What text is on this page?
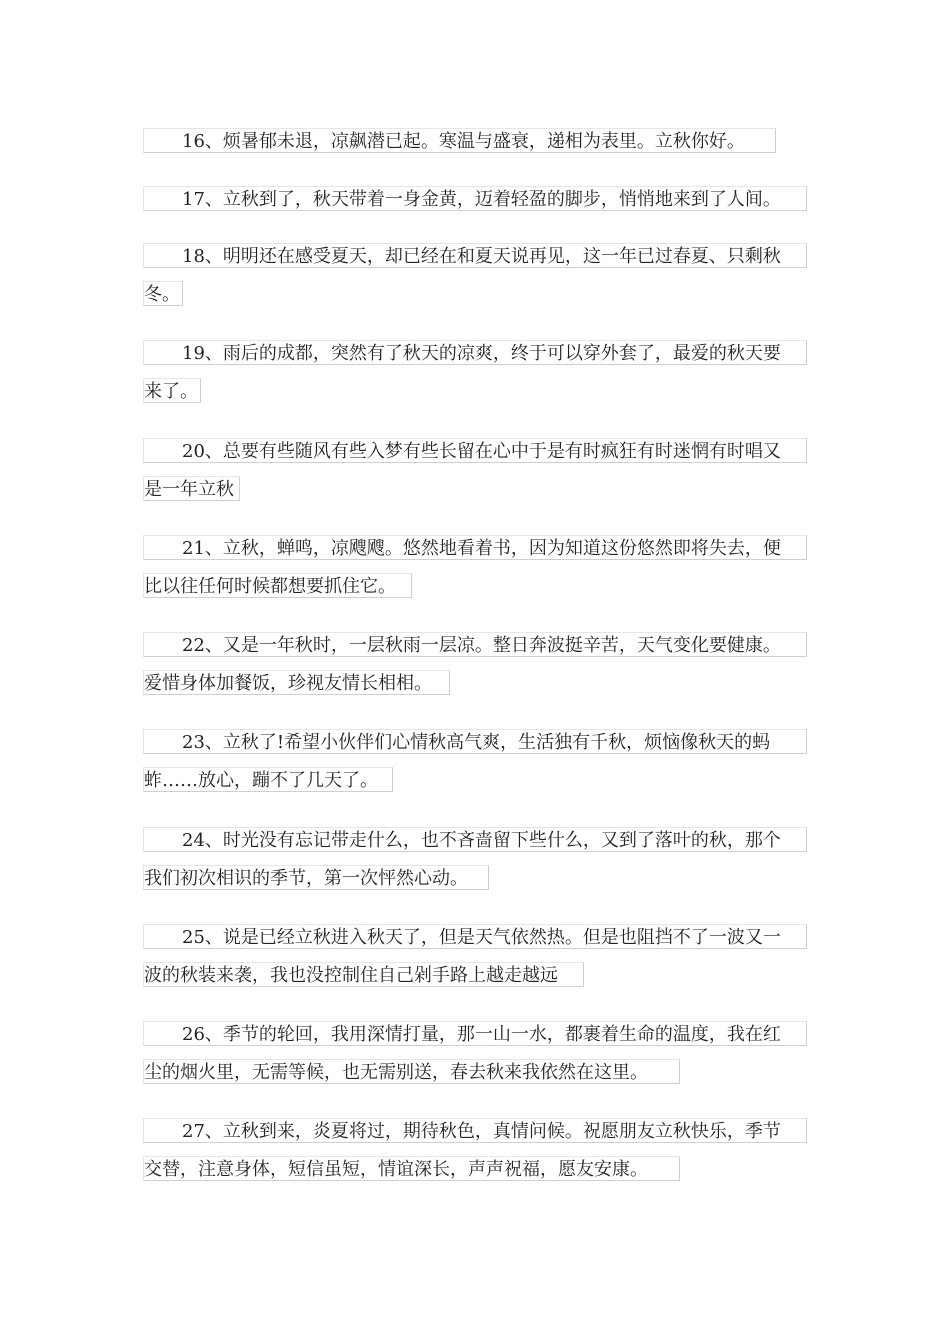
16、烦暑郁未退，凉飙潜已起。寒温与盛衰，递相为表里。立秋你好。
17、立秋到了，秋天带着一身金黄，迈着轻盈的脚步，悄悄地来到了人间。
18、明明还在感受夏天，却已经在和夏天说再见，这一年已过春夏、只剩秋
冬。
19、雨后的成都，突然有了秋天的凉爽，终于可以穿外套了，最爱的秋天要
来了。
20、总要有些随风有些入梦有些长留在心中于是有时疯狂有时迷惘有时唱又
是一年立秋
21、立秋，蝉鸣，凉飕飕。悠然地看着书，因为知道这份悠然即将失去，便
比以往任何时候都想要抓住它。
22、又是一年秋时，一层秋雨一层凉。整日奔波挺辛苦，天气变化要健康。
爱惜身体加餐饭，珍视友情长相相。
23、立秋了!希望小伙伴们心情秋高气爽，生活独有千秋，烦恼像秋天的蚂
蚱……放心，蹦不了几天了。
24、时光没有忘记带走什么，也不吝啬留下些什么，又到了落叶的秋，那个
我们初次相识的季节，第一次怦然心动。
25、说是已经立秋进入秋天了，但是天气依然热。但是也阻挡不了一波又一
波的秋装来袭，我也没控制住自己剁手路上越走越远
26、季节的轮回，我用深情打量，那一山一水，都裹着生命的温度，我在红
尘的烟火里，无需等候，也无需别送，春去秋来我依然在这里。
27、立秋到来，炎夏将过，期待秋色，真情问候。祝愿朋友立秋快乐，季节
交替，注意身体，短信虽短，情谊深长，声声祝福，愿友安康。
